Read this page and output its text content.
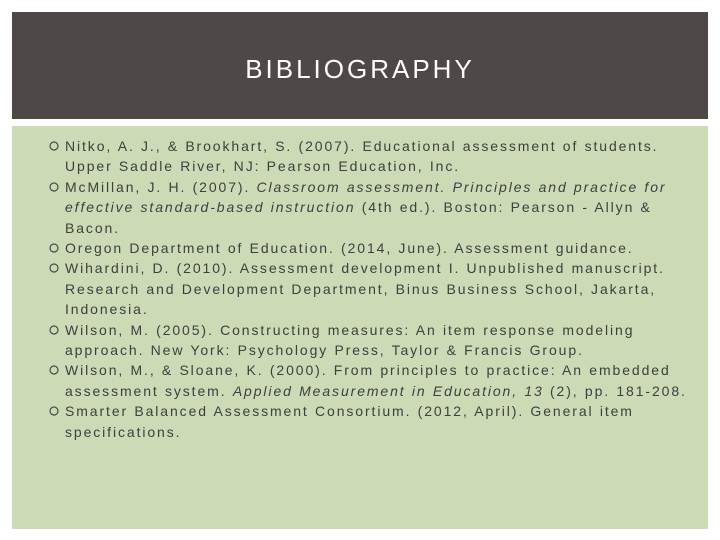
BIBLIOGRAPHY
Nitko, A. J., & Brookhart, S. (2007). Educational assessment of students. Upper Saddle River, NJ: Pearson Education, Inc.
McMillan, J. H. (2007). Classroom assessment. Principles and practice for effective standard-based instruction (4th ed.). Boston: Pearson - Allyn & Bacon.
Oregon Department of Education. (2014, June). Assessment guidance.
Wihardini, D. (2010). Assessment development I. Unpublished manuscript. Research and Development Department, Binus Business School, Jakarta, Indonesia.
Wilson, M. (2005). Constructing measures: An item response modeling approach. New York: Psychology Press, Taylor & Francis Group.
Wilson, M., & Sloane, K. (2000). From principles to practice: An embedded assessment system. Applied Measurement in Education, 13 (2), pp. 181-208.
Smarter Balanced Assessment Consortium. (2012, April). General item specifications.
